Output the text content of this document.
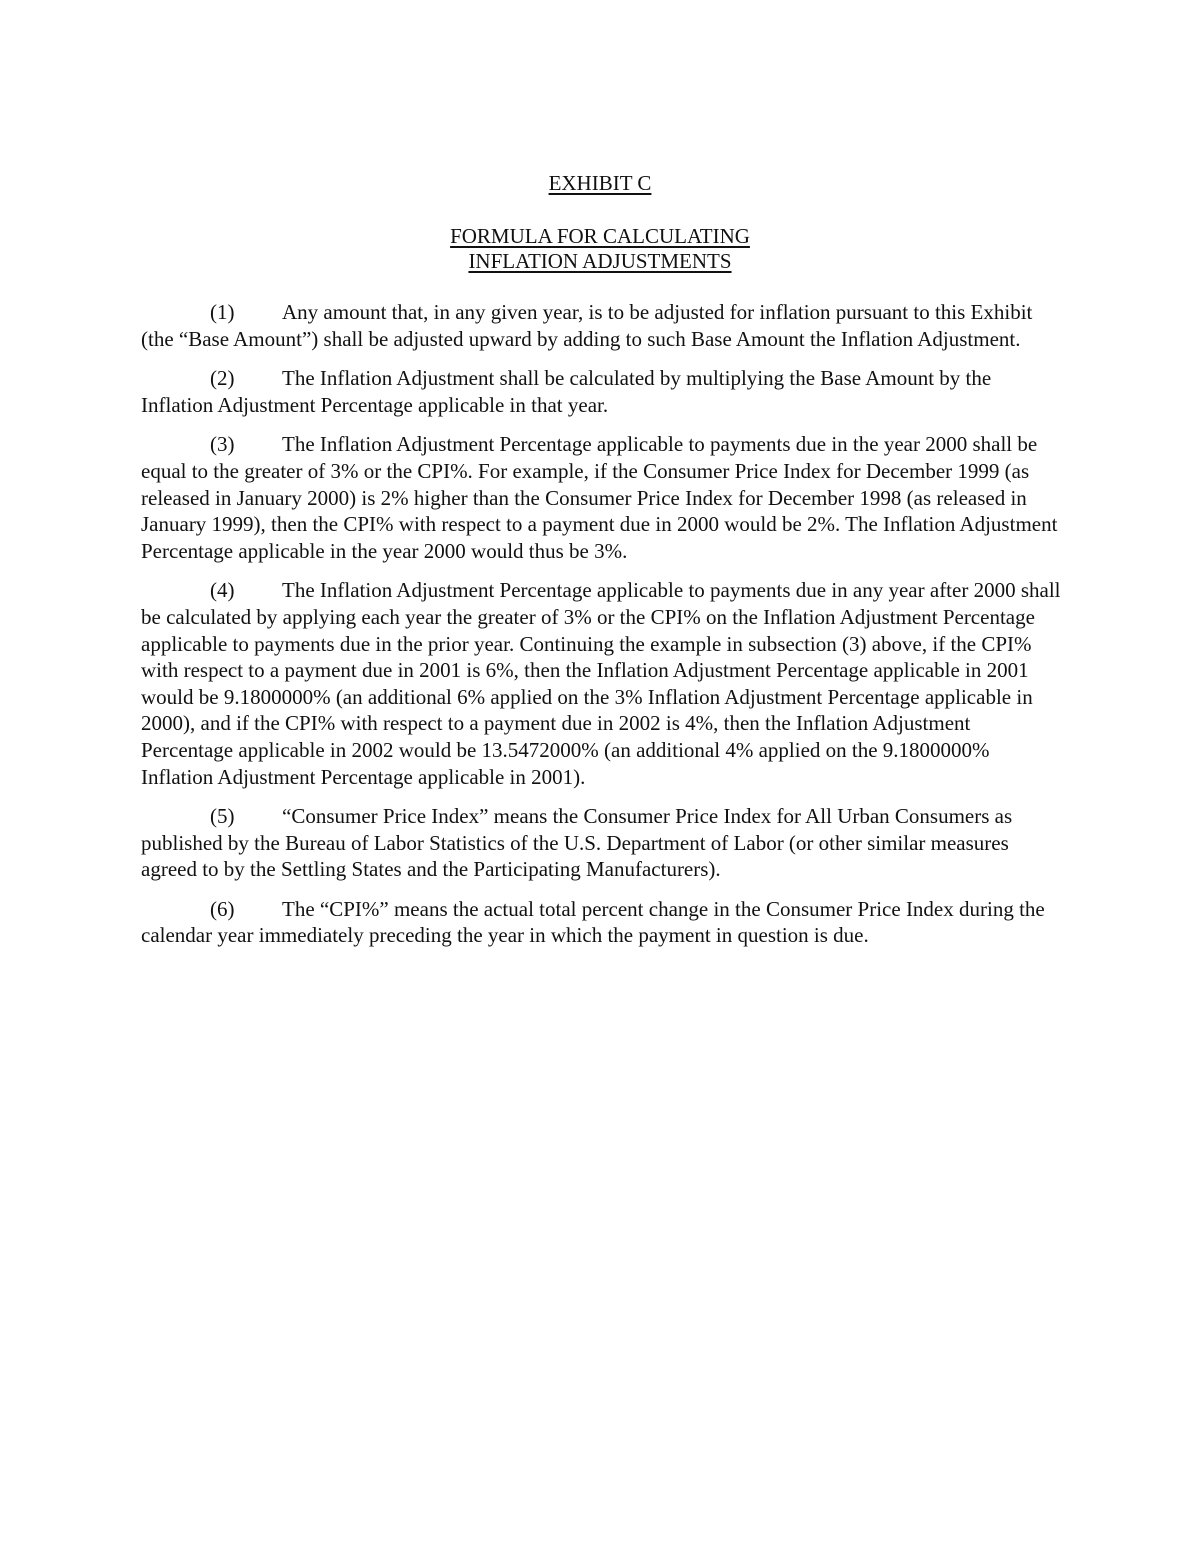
EXHIBIT C

FORMULA FOR CALCULATING
INFLATION ADJUSTMENTS

(1) Any amount that, in any given year, is to be adjusted for inflation pursuant to this Exhibit (the “Base Amount”) shall be adjusted upward by adding to such Base Amount the Inflation Adjustment.

(2) The Inflation Adjustment shall be calculated by multiplying the Base Amount by the Inflation Adjustment Percentage applicable in that year.

(3) The Inflation Adjustment Percentage applicable to payments due in the year 2000 shall be equal to the greater of 3% or the CPI%. For example, if the Consumer Price Index for December 1999 (as released in January 2000) is 2% higher than the Consumer Price Index for December 1998 (as released in January 1999), then the CPI% with respect to a payment due in 2000 would be 2%. The Inflation Adjustment Percentage applicable in the year 2000 would thus be 3%.

(4) The Inflation Adjustment Percentage applicable to payments due in any year after 2000 shall be calculated by applying each year the greater of 3% or the CPI% on the Inflation Adjustment Percentage applicable to payments due in the prior year. Continuing the example in subsection (3) above, if the CPI% with respect to a payment due in 2001 is 6%, then the Inflation Adjustment Percentage applicable in 2001 would be 9.1800000% (an additional 6% applied on the 3% Inflation Adjustment Percentage applicable in 2000), and if the CPI% with respect to a payment due in 2002 is 4%, then the Inflation Adjustment Percentage applicable in 2002 would be 13.5472000% (an additional 4% applied on the 9.1800000% Inflation Adjustment Percentage applicable in 2001).

(5) “Consumer Price Index” means the Consumer Price Index for All Urban Consumers as published by the Bureau of Labor Statistics of the U.S. Department of Labor (or other similar measures agreed to by the Settling States and the Participating Manufacturers).

(6) The “CPI%” means the actual total percent change in the Consumer Price Index during the calendar year immediately preceding the year in which the payment in question is due.
